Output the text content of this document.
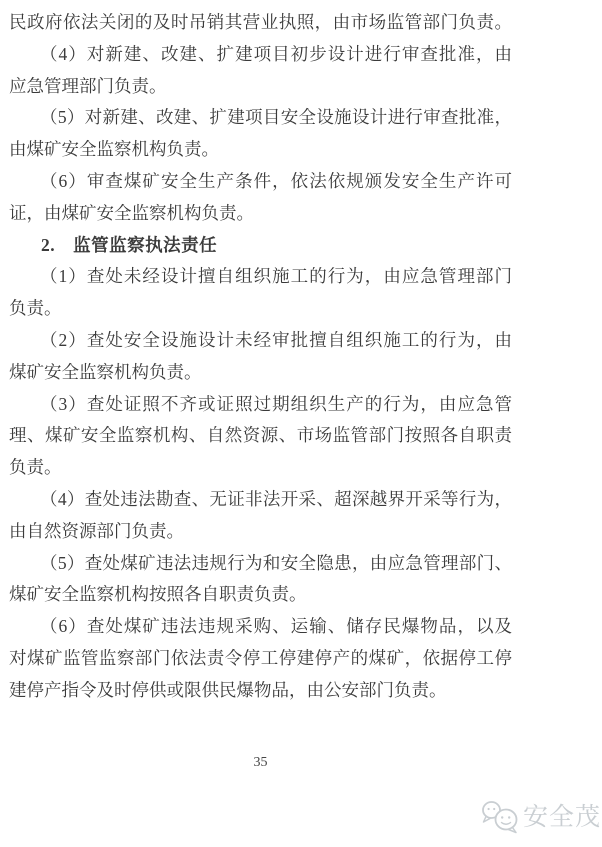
民政府依法关闭的及时吊销其营业执照，由市场监管部门负责。
（4）对新建、改建、扩建项目初步设计进行审查批准，由
应急管理部门负责。
（5）对新建、改建、扩建项目安全设施设计进行审查批准，
由煤矿安全监察机构负责。
（6）审查煤矿安全生产条件，依法依规颁发安全生产许可
证，由煤矿安全监察机构负责。
2.　监管监察执法责任
（1）查处未经设计擅自组织施工的行为，由应急管理部门
负责。
（2）查处安全设施设计未经审批擅自组织施工的行为，由
煤矿安全监察机构负责。
（3）查处证照不齐或证照过期组织生产的行为，由应急管
理、煤矿安全监察机构、自然资源、市场监管部门按照各自职责
负责。
（4）查处违法勘查、无证非法开采、超深越界开采等行为，
由自然资源部门负责。
（5）查处煤矿违法违规行为和安全隐患，由应急管理部门、
煤矿安全监察机构按照各自职责负责。
（6）查处煤矿违法违规采购、运输、储存民爆物品，以及
对煤矿监管监察部门依法责令停工停建停产的煤矿，依据停工停
建停产指令及时停供或限供民爆物品，由公安部门负责。
35
安全茂
